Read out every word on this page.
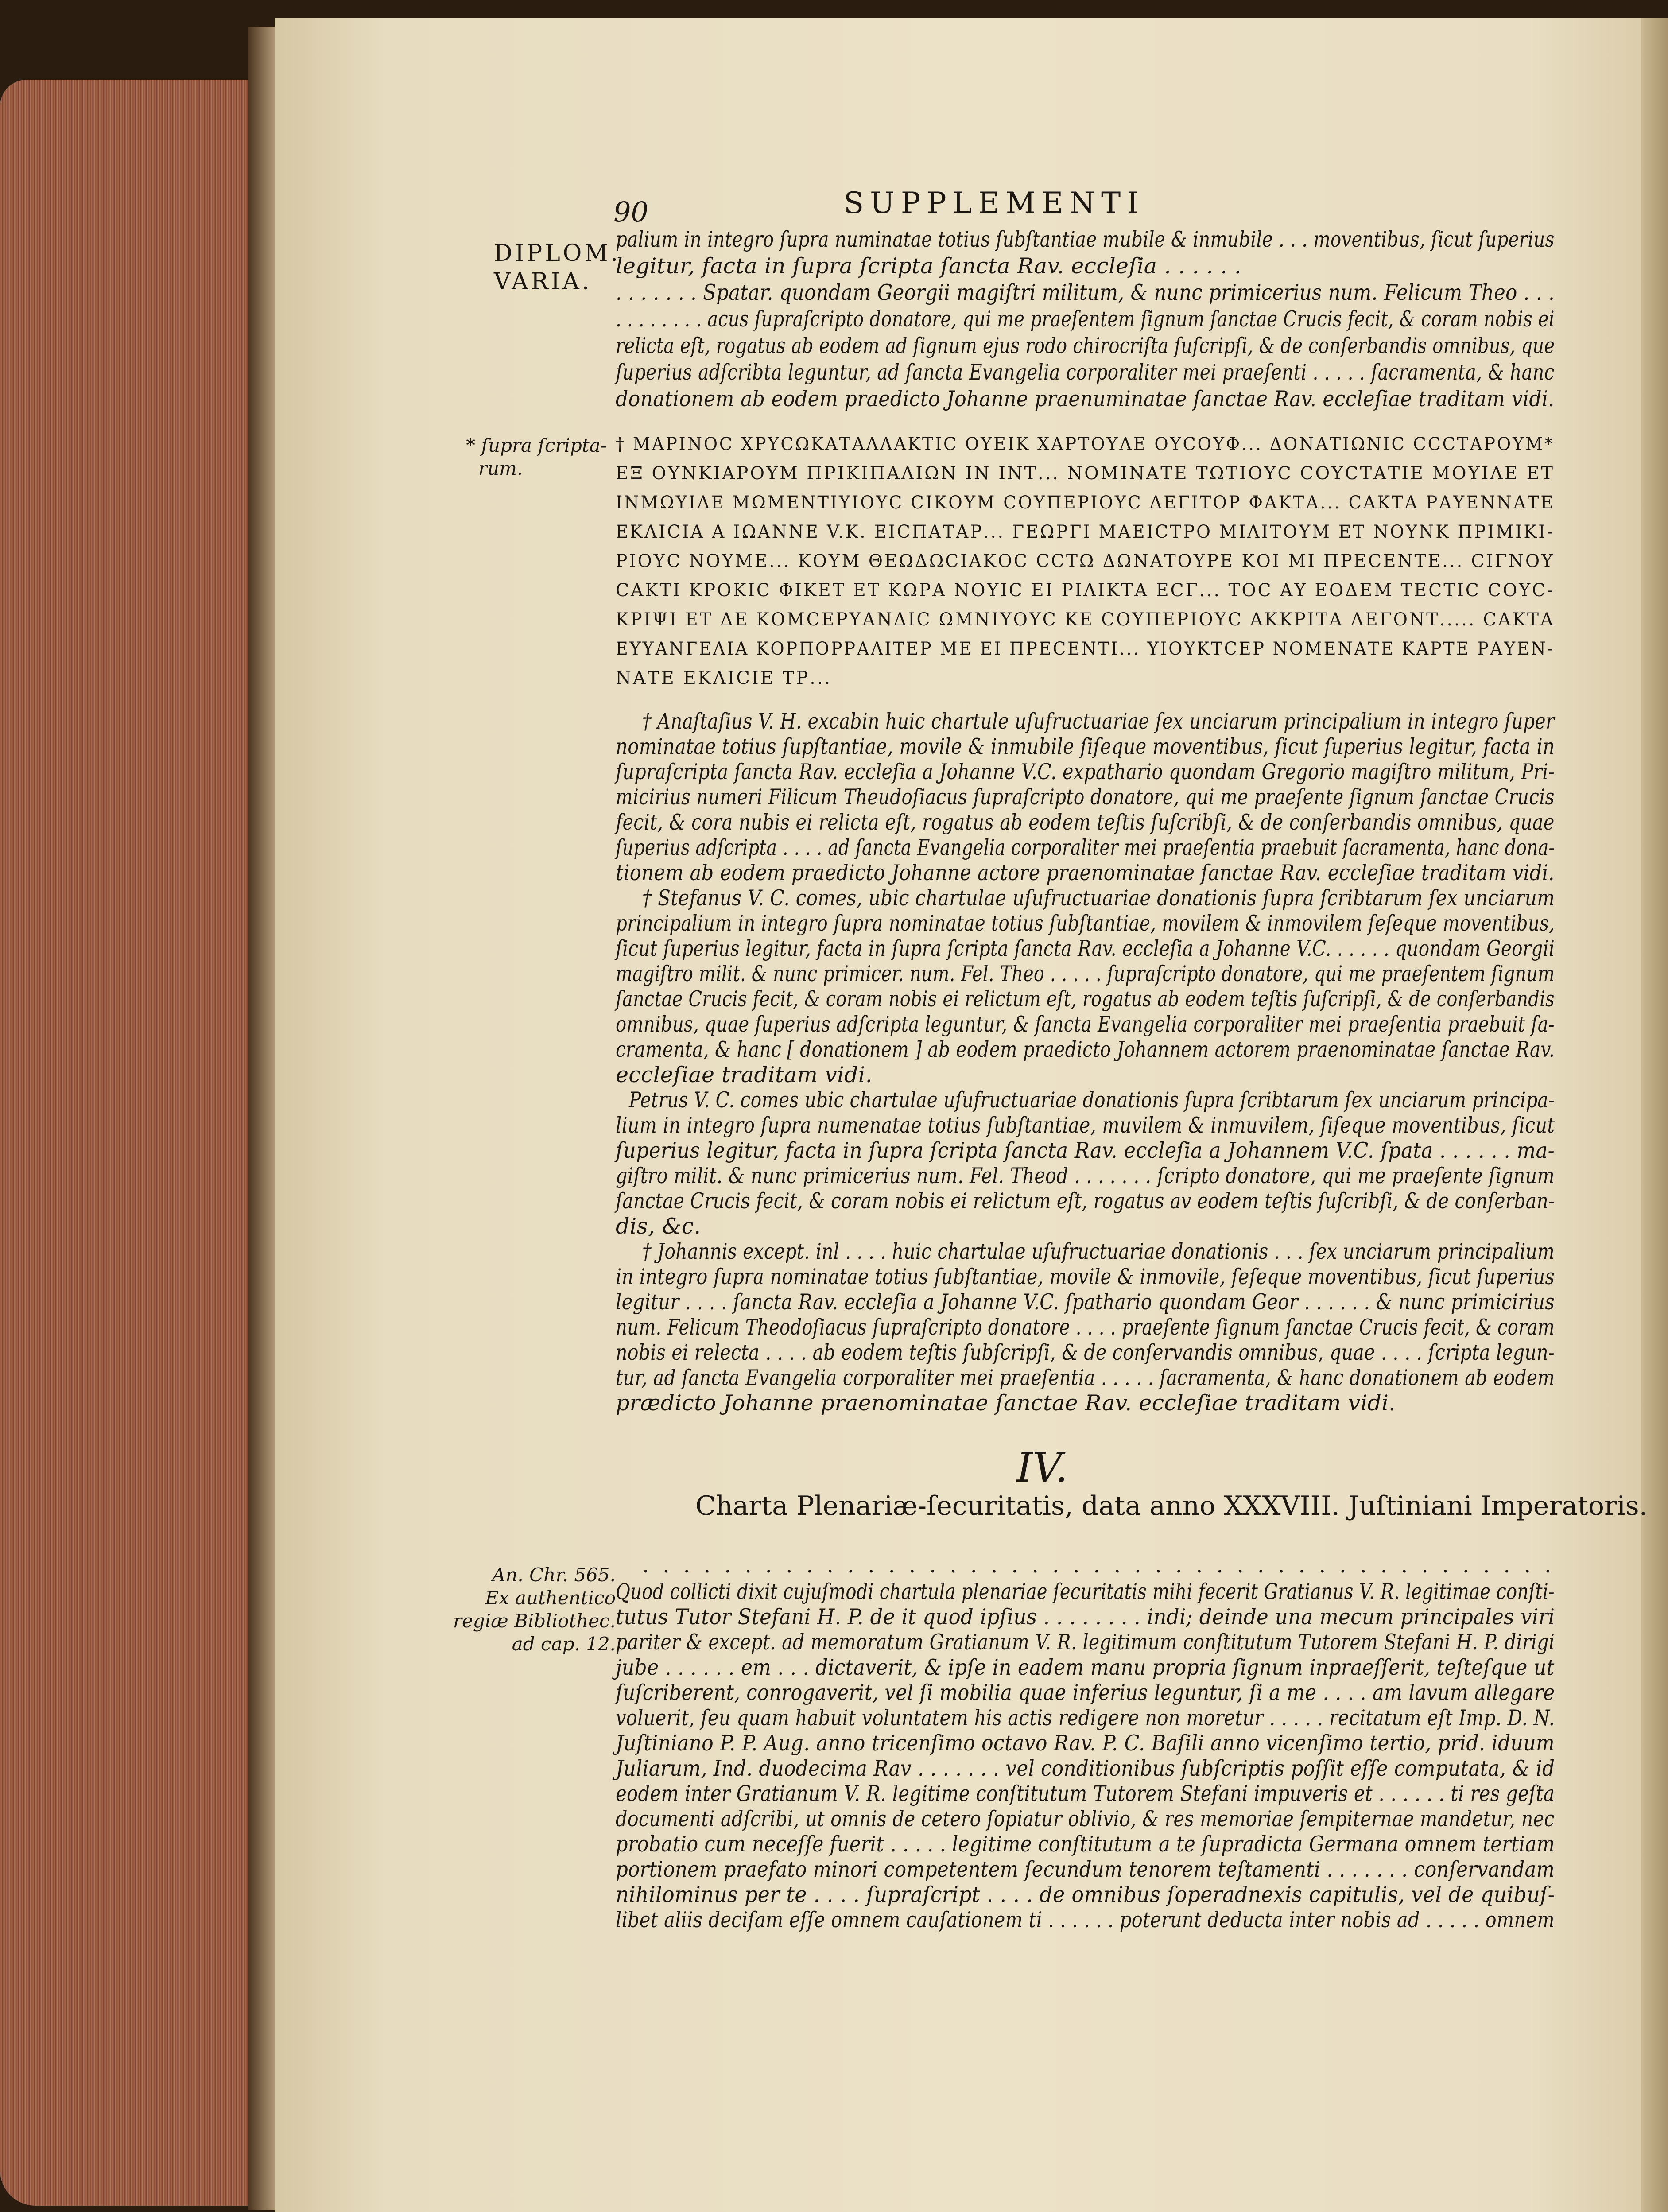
90	SUPPLEMENTI
DIPLOM.
VARIA.
* ſupra ſcripta-
rum.
An. Chr. 565.
Ex authentico
regiæ Bibliothec.
ad cap. 12.
palium in integro ſupra numinatae totius ſubſtantiae mubile & inmubile . . . moventibus, ſicut ſuperius
legitur, facta in ſupra ſcripta ſancta Rav. eccleſia . . . . . .
. . . . . . . Spatar. quondam Georgii magiſtri militum, & nunc primicerius num. Felicum Theo . . .
. . . . . . . . acus ſupraſcripto donatore, qui me praeſentem ſignum ſanctae Crucis fecit, & coram nobis ei
relicta eſt, rogatus ab eodem ad ſignum ejus rodo chirocriſta ſuſcripſi, & de conſerbandis omnibus, que
ſuperius adſcribta leguntur, ad ſancta Evangelia corporaliter mei praeſenti . . . . . ſacramenta, & hanc
donationem ab eodem praedicto Johanne praenuminatae ſanctae Rav. eccleſiae traditam vidi.
† ΜΑΡΙΝΟϹ ΧΡΥϹΩΚΑΤΑΛΛΑΚΤΙϹ ΟΥΕΙΚ ΧΑΡΤΟΥΛΕ ΟΥϹΟΥΦ... ΔΟΝΑΤΙΩΝΙϹ ϹϹϹΤΑΡΟΥΜ*
ΕΞ ΟΥΝΚΙΑΡΟΥΜ ΠΡΙΚΙΠΑΛΙΩΝ ΙΝ ΙΝΤ... ΝΟΜΙΝΑΤΕ ΤΩΤΙΟΥϹ ϹΟΥϹΤΑΤΙΕ ΜΟΥΙΛΕ ΕΤ
ΙΝΜΩΥΙΛΕ ΜΩΜΕΝΤΙΥΙΟΥϹ ϹΙΚΟΥΜ ϹΟΥΠΕΡΙΟΥϹ ΛΕΓΙΤΟΡ ΦΑΚΤΑ... ϹΑΚΤΑ ΡΑΥΕΝΝΑΤΕ
ΕΚΛΙϹΙΑ Α ΙΩΑΝΝΕ V.K. ΕΙϹΠΑΤΑΡ... ΓΕΩΡΓΙ ΜΑΕΙϹΤΡΟ ΜΙΛΙΤΟΥΜ ΕΤ ΝΟΥΝΚ ΠΡΙΜΙΚΙ-
ΡΙΟΥϹ ΝΟΥΜΕ... ΚΟΥΜ ΘΕΩΔΩϹΙΑΚΟϹ ϹϹΤΩ ΔΩΝΑΤΟΥΡΕ ΚΟΙ ΜΙ ΠΡΕϹΕΝΤΕ... ϹΙΓΝΟΥ
ϹΑΚΤΙ ΚΡΟΚΙϹ ΦΙΚΕΤ ΕΤ ΚΩΡΑ ΝΟΥΙϹ ΕΙ ΡΙΛΙΚΤΑ ΕϹΓ... ΤΟϹ ΑΥ ΕΟΔΕΜ ΤΕϹΤΙϹ ϹΟΥϹ-
ΚΡΙΨΙ ΕΤ ΔΕ ΚΟΜϹΕΡΥΑΝΔΙϹ ΩΜΝΙΥΟΥϹ ΚΕ ϹΟΥΠΕΡΙΟΥϹ ΑΚΚΡΙΤΑ ΛΕΓΟΝΤ..... ϹΑΚΤΑ
ΕΥΥΑΝΓΕΛΙΑ ΚΟΡΠΟΡΡΑΛΙΤΕΡ ΜΕ ΕΙ ΠΡΕϹΕΝΤΙ... ΥΙΟΥΚΤϹΕΡ ΝΟΜΕΝΑΤΕ ΚΑΡΤΕ ΡΑΥΕΝ-
ΝΑΤΕ ΕΚΛΙϹΙΕ ΤΡ...
† Anaſtaſius V. H. excabin huic chartule uſufructuariae ſex unciarum principalium in integro ſuper
nominatae totius ſupſtantiae, movile & inmubile ſiſeque moventibus, ſicut ſuperius legitur, facta in
ſupraſcripta ſancta Rav. eccleſia a Johanne V.C. expathario quondam Gregorio magiſtro militum, Pri-
micirius numeri Filicum Theudoſiacus ſupraſcripto donatore, qui me praeſente ſignum ſanctae Crucis
fecit, & cora nubis ei relicta eſt, rogatus ab eodem teſtis ſuſcribſi, & de conſerbandis omnibus, quae
ſuperius adſcripta . . . . ad ſancta Evangelia corporaliter mei praeſentia praebuit ſacramenta, hanc dona-
tionem ab eodem praedicto Johanne actore praenominatae ſanctae Rav. eccleſiae traditam vidi.
† Stefanus V. C. comes, ubic chartulae uſufructuariae donationis ſupra ſcribtarum ſex unciarum
principalium in integro ſupra nominatae totius ſubſtantiae, movilem & inmovilem ſeſeque moventibus,
ſicut ſuperius legitur, facta in ſupra ſcripta ſancta Rav. eccleſia a Johanne V.C. . . . . . quondam Georgii
magiſtro milit. & nunc primicer. num. Fel. Theo . . . . . ſupraſcripto donatore, qui me praeſentem ſignum
ſanctae Crucis fecit, & coram nobis ei relictum eſt, rogatus ab eodem teſtis ſuſcripſi, & de conſerbandis
omnibus, quae ſuperius adſcripta leguntur, & ſancta Evangelia corporaliter mei praeſentia praebuit ſa-
cramenta, & hanc [ donationem ] ab eodem praedicto Johannem actorem praenominatae ſanctae Rav.
eccleſiae traditam vidi.
Petrus V. C. comes ubic chartulae uſufructuariae donationis ſupra ſcribtarum ſex unciarum principa-
lium in integro ſupra numenatae totius ſubſtantiae, muvilem & inmuvilem, ſiſeque moventibus, ſicut
ſuperius legitur, facta in ſupra ſcripta ſancta Rav. eccleſia a Johannem V.C. ſpata . . . . . . ma-
giſtro milit. & nunc primicerius num. Fel. Theod . . . . . . . ſcripto donatore, qui me praeſente ſignum
ſanctae Crucis fecit, & coram nobis ei relictum eſt, rogatus av eodem teſtis ſuſcribſi, & de conſerban-
dis, &c.
† Johannis except. inl . . . . huic chartulae uſufructuariae donationis . . . ſex unciarum principalium
in integro ſupra nominatae totius ſubſtantiae, movile & inmovile, ſeſeque moventibus, ſicut ſuperius
legitur . . . . ſancta Rav. eccleſia a Johanne V.C. ſpathario quondam Geor . . . . . . & nunc primicirius
num. Felicum Theodoſiacus ſupraſcripto donatore . . . . praeſente ſignum ſanctae Crucis fecit, & coram
nobis ei relecta . . . . ab eodem teſtis ſubſcripſi, & de conſervandis omnibus, quae . . . . ſcripta legun-
tur, ad ſancta Evangelia corporaliter mei praeſentia . . . . . ſacramenta, & hanc donationem ab eodem
prædicto Johanne praenominatae ſanctae Rav. eccleſiae traditam vidi.
IV.
Charta Plenariæ-ſecuritatis, data anno XXXVIII. Juſtiniani Imperatoris.
. . . . . . . . . . . . . . . . . . . . . . . . . . . . . . . . . . . . . . . . . . . . .
Quod collicti dixit cujuſmodi chartula plenariae ſecuritatis mihi fecerit Gratianus V. R. legitimae conſti-
tutus Tutor Stefani H. P. de it quod ipſius . . . . . . . . indi; deinde una mecum principales viri
pariter & except. ad memoratum Gratianum V. R. legitimum conſtitutum Tutorem Stefani H. P. dirigi
jube . . . . . . em . . . dictaverit, & ipſe in eadem manu propria ſignum inpraeſſerit, teſteſque ut
ſuſcriberent, conrogaverit, vel ſi mobilia quae inferius leguntur, ſi a me . . . . am lavum allegare
voluerit, ſeu quam habuit voluntatem his actis redigere non moretur . . . . . recitatum eſt Imp. D. N.
Juſtiniano P. P. Aug. anno tricenſimo octavo Rav. P. C. Baſili anno vicenſimo tertio, prid. iduum
Juliarum, Ind. duodecima Rav . . . . . . . vel conditionibus ſubſcriptis poſſit eſſe computata, & id
eodem inter Gratianum V. R. legitime conſtitutum Tutorem Stefani impuveris et . . . . . . ti res geſta
documenti adſcribi, ut omnis de cetero ſopiatur oblivio, & res memoriae ſempiternae mandetur, nec
probatio cum neceſſe fuerit . . . . . legitime conſtitutum a te ſupradicta Germana omnem tertiam
portionem praefato minori competentem ſecundum tenorem teſtamenti . . . . . . . conſervandam
nihilominus per te . . . . ſupraſcript . . . . de omnibus ſoperadnexis capitulis, vel de quibuſ-
libet aliis deciſam eſſe omnem cauſationem ti . . . . . . poterunt deducta inter nobis ad . . . . . omnem
